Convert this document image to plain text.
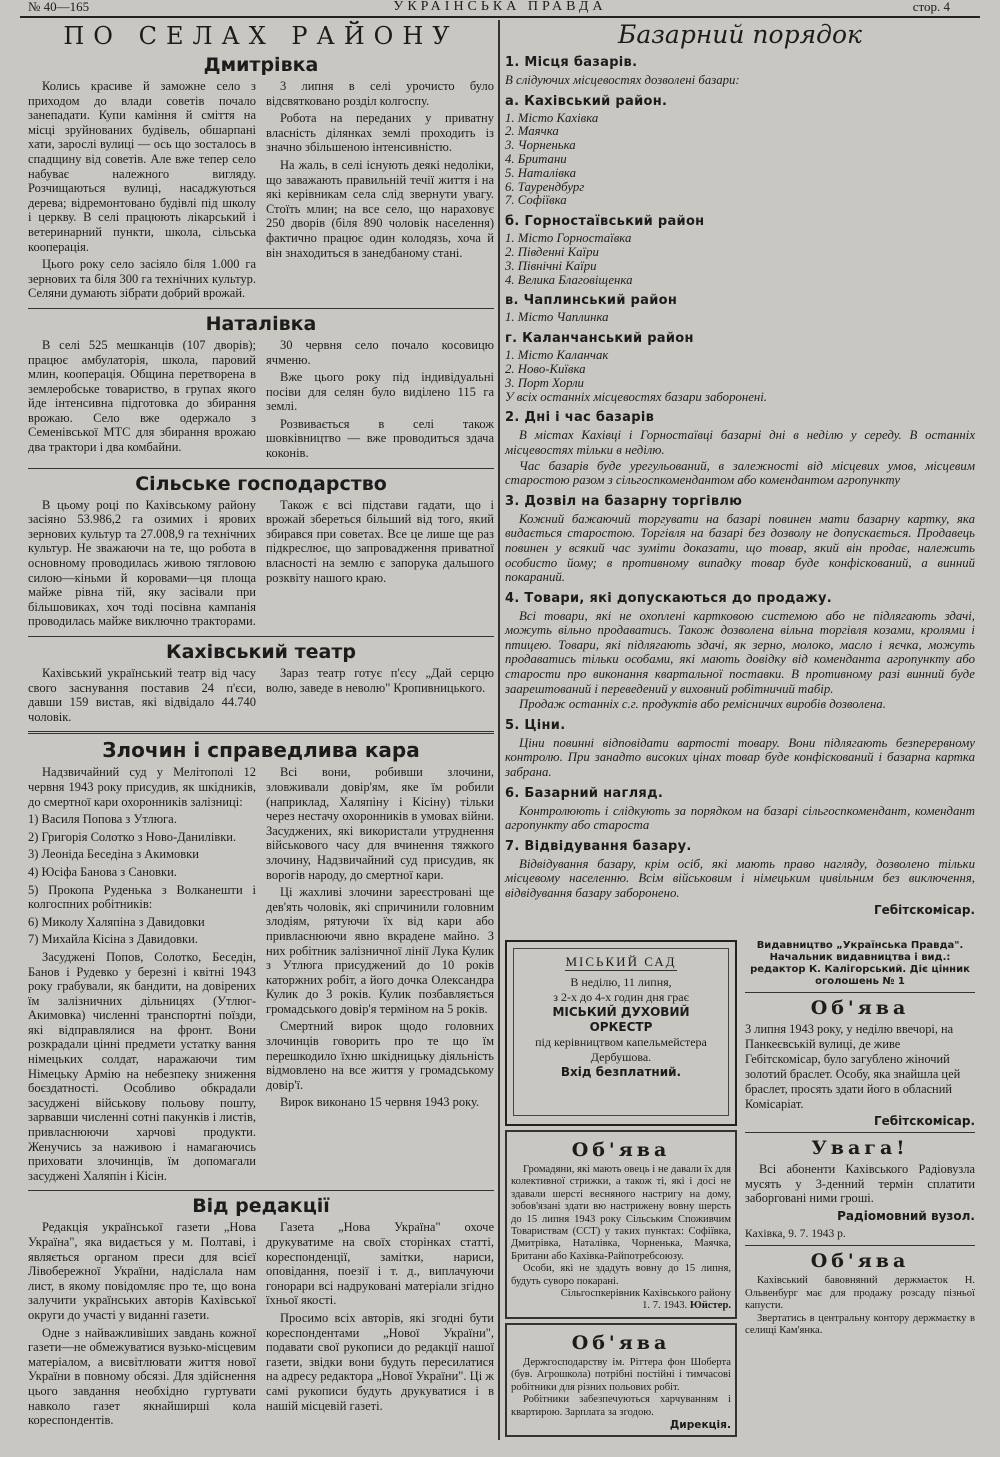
№ 40—165	УКРАЇНСЬКА ПРАВДА	стор. 4
ПО СЕЛАХ РАЙОНУ
Дмитрівка

Колись красиве й заможне село з приходом до влади советів почало занепадати. Купи каміння й сміття на місці зруйнованих будівель, обшарпані хати, зарослі вулиці — ось що зосталось в спадщину від советів. Але вже тепер село набуває належного вигляду. Розчищаються вулиці, насаджуються дерева; відремонтовано будівлі під школу і церкву. В селі працюють лікарський і ветеринарний пункти, школа, сільська кооперація.

Цього року село засіяло біля 1.000 га зернових та біля 300 га технічних культур. Селяни думають зібрати добрий врожай.

3 липня в селі урочисто було відсвятковано розділ колгоспу.

Робота на переданих у приватну власність ділянках землі проходить із значно збільшеною інтенсивністю.

На жаль, в селі існують деякі недоліки, що заважають правильній течії життя і на які керівникам села слід звернути увагу. Стоїть млин; на все село, що нараховує 250 дворів (біля 890 чоловік населення) фактично працює один колодязь, хоча й він знаходиться в занедбаному стані.

Наталівка

В селі 525 мешканців (107 дворів); працює амбулаторія, школа, паровий млин, кооперація. Община перетворена в землеробське товариство, в групах якого йде інтенсивна підготовка до збирання врожаю. Село вже одержало з Семенівської МТС для збирання врожаю два трактори і два комбайни.

30 червня село почало косовицю ячменю.

Вже цього року під індивідуальні посіви для селян було виділено 115 га землі.

Розвивається в селі також шовківництво — вже проводиться здача коконів.

Сільське господарство

В цьому році по Кахівському району засіяно 53.986,2 га озимих і ярових зернових культур та 27.008,9 га технічних культур. Не зважаючи на те, що робота в основному проводилась живою тягловою силою—кіньми й коровами—ця площа майже рівна тій, яку засівали при більшовиках, хоч тоді посівна кампанія проводилась майже виключно тракторами.

Також є всі підстави гадати, що і врожай збереться більший від того, який збирався при советах. Все це лише ще раз підкреслює, що запровадження приватної власності на землю є запорука дальшого розквіту нашого краю.

Кахівський театр

Кахівський український театр від часу свого заснування поставив 24 п'єси, давши 159 вистав, які відвідало 44.740 чоловік.

Зараз театр готує п'єсу „Дай серцю волю, заведе в неволю" Кропивницького.

Злочин і справедлива кара

Надзвичайний суд у Мелітополі 12 червня 1943 року присудив, як шкідників, до смертної кари охоронників залізниці:

1) Василя Попова з Утлюга.

2) Григорія Солотко з Ново-Данилівки.

3) Леоніда Беседіна з Акимовки

4) Юсіфа Банова з Сановки.

5) Прокопа Руденька з Волканешти і колгоспних робітників:

6) Миколу Халяпіна з Давидовки

7) Михайла Кісіна з Давидовки.

Засуджені Попов, Солотко, Беседін, Банов і Рудевко у березні і квітні 1943 року грабували, як бандити, на довірених їм залізничних дільницях (Утлюг-Акимовка) численні транспортні поїзди, які відправлялися на фронт. Вони розкрадали цінні предмети устатку вання німецьких солдат, наражаючи тим Німецьку Армію на небезпеку зниження боєздатності. Особливо обкрадали засуджені військову польову пошту, зарвавши численні сотні пакунків і листів, привласнюючи харчові продукти. Женучись за наживою і намагаючись приховати злочинців, їм допомагали засуджені Халяпін і Кісін.

Всі вони, робивши злочини, зловживали довір'ям, яке їм робили (наприклад, Халяпіну і Кісіну) тільки через нестачу охоронників в умовах війни. Засуджених, які використали утруднення військового часу для вчинення тяжкого злочину, Надзвичайний суд присудив, як ворогів народу, до смертної кари.

Ці жахливі злочини зареєстровані ще дев'ять чоловік, які спричинили головним злодіям, рятуючи їх від кари або привласнюючи явно вкрадене майно. З них робітник залізничної лінії Лука Кулик з Утлюга присуджений до 10 років каторжних робіт, а його дочка Олександра Кулик до 3 років. Кулик позбавляється громадського довір'я терміном на 5 років.

Смертний вирок щодо головних злочинців говорить про те що їм перешкодило їхню шкідницьку діяльність відмовлено на все життя у громадському довір'ї.

Вирок виконано 15 червня 1943 року.

Від редакції

Редакція української газети „Нова Україна", яка видається у м. Полтаві, і являється органом преси для всієї Лівобережної України, надіслала нам лист, в якому повідомляє про те, що вона залучити українських авторів Кахівської округи до участі у виданні газети.

Одне з найважливіших завдань кожної газети—не обмежуватися вузько-місцевим матеріалом, а висвітлювати життя нової України в повному обсязі. Для здійснення цього завдання необхідно гуртувати навколо газет якнайширші кола кореспондентів.

Газета „Нова Україна" охоче друкуватиме на своїх сторінках статті, кореспонденції, замітки, нариси, оповідання, поезії і т. д., виплачуючи гонорари всі надруковані матеріали згідно їхньої якості.

Просимо всіх авторів, які згодні бути кореспондентами „Нової України", подавати свої рукописи до редакції нашої газети, звідки вони будуть пересилатися на адресу редактора „Нової України". Ці ж самі рукописи будуть друкуватися і в нашій місцевій газеті.

Базарний порядок
1. Місця базарів.
В слідуючих місцевостях дозволені базари:
а. Кахівський район.
1. Місто Кахівка
2. Маячка
3. Чорненька
4. Британи
5. Наталівка
6. Таурендбург
7. Софіївка
б. Горностаївський район
1. Місто Горностаївка
2. Південні Каїри
3. Північні Каїри
4. Велика Благовіщенка
в. Чаплинський район
1. Місто Чаплинка
г. Каланчанський район
1. Місто Каланчак
2. Ново-Київка
3. Порт Хорли
У всіх останніх місцевостях базари заборонені.
2. Дні і час базарів
В містах Кахівці і Горностаївці базарні дні в неділю у середу. В останніх місцевостях тільки в неділю.
Час базарів буде урегульований, в залежності від місцевих умов, місцевим старостою разом з сільгоспкомендантом або комендантом агропункту
3. Дозвіл на базарну торгівлю
Кожний бажаючий торгувати на базарі повинен мати базарну картку, яка видається старостою. Торгівля на базарі без дозволу не допускається. Продавець повинен у всякий час зуміти доказати, що товар, який він продає, належить особисто йому; в противному випадку товар буде конфіскований, а винний покараний.
4. Товари, які допускаються до продажу.
Всі товари, які не охоплені картковою системою або не підлягають здачі, можуть вільно продаватись. Також дозволена вільна торгівля козами, кролями і птицею. Товари, які підлягають здачі, як зерно, молоко, масло і яєчка, можуть продаватись тільки особами, які мають довідку від коменданта агропункту або старости про виконання квартальної поставки. В противному разі винний буде заарештований і переведений у виховний робітничий табір.
Продаж останніх с.г. продуктів або ремісничих виробів дозволена.
5. Ціни.
Ціни повинні відповідати вартості товару. Вони підлягають безперервному контролю. При занадто високих цінах товар буде конфіскований і базарна картка забрана.
6. Базарний нагляд.
Контролюють і слідкують за порядком на базарі сільгоспкомендант, комендант агропункту або староста
7. Відвідування базару.
Відвідування базару, крім осіб, які мають право нагляду, дозволено тільки місцевому населенню. Всім військовим і німецьким цивільним без виключення, відвідування базару заборонено.
Гебітскомісар.
МІСЬКИЙ САД
В неділю, 11 липня,
з 2-х до 4-х годин дня грає
МІСЬКИЙ ДУХОВИЙ
ОРКЕСТР
під керівництвом капельмейстера Дербушова.
Вхід безплатний.
Об'ява

Громадяни, які мають овець і не давали їх для колективної стрижки, а також ті, які і досі не здавали шерсті весняного настригу на дому, зобов'язані здати вю настрижену вовну шерсть до 15 липня 1943 року Сільським Споживчим Товариствам (ССТ) у таких пунктах: Софіївка, Дмитрівка, Наталівка, Чорненька, Маячка, Британи або Кахівка-Райпотребсоюзу.

Особи, які не здадуть вовну до 15 липня, будуть суворо покарані.

Сільгоспкерівник Кахівського району

1. 7. 1943. Юйстер.

Об'ява

Держгосподарству ім. Ріттера фон Шоберта (був. Агрошкола) потрібні постійні і тимчасові робітники для різних польових робіт.

Робітники забезпечуються харчуванням і квартирою. Зарплата за згодою.

Дирекція.

Видавництво „Українська Правда". Начальник видавництва і вид.: редактор К. Калігорський. Діє цінник оголошень № 1
Об'ява
3 липня 1943 року, у неділю ввечорі, на Панкеєвській вулиці, де живе Гебітскомісар, було загублено жіночий золотий браслет. Особу, яка знайшла цей браслет, просять здати його в обласний Комісаріат.
Гебітскомісар.
Увага!

Всі абоненти Кахівського Радіовузла мусять у 3-денний термін сплатити заборговані ними гроші.

Радіомовний вузол.

Кахівка, 9. 7. 1943 р.

Об'ява

Кахівський бавовняний держмаєток Н. Ольвенбург має для продажу розсаду пізньої капусти.

Звертатись в центральну контору держмаєтку в селищі Кам'янка.
